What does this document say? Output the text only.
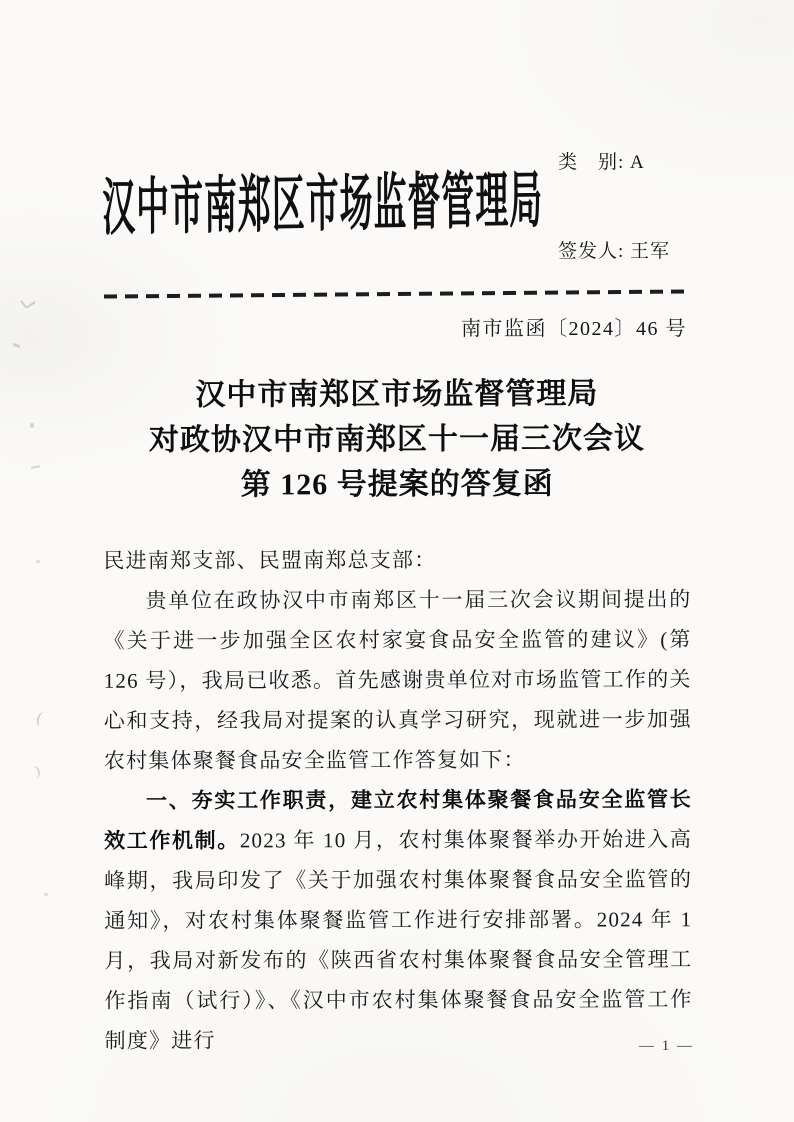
汉中市南郑区市场监督管理局
类　别: A
签发人: 王军
南市监函〔2024〕46 号
汉中市南郑区市场监督管理局
对政协汉中市南郑区十一届三次会议
第 126 号提案的答复函

民进南郑支部、民盟南郑总支部：

贵单位在政协汉中市南郑区十一届三次会议期间提出的《关于进一步加强全区农村家宴食品安全监管的建议》(第 126 号），我局已收悉。首先感谢贵单位对市场监管工作的关心和支持，经我局对提案的认真学习研究，现就进一步加强农村集体聚餐食品安全监管工作答复如下：

一、夯实工作职责，建立农村集体聚餐食品安全监管长效工作机制。2023 年 10 月，农村集体聚餐举办开始进入高峰期，我局印发了《关于加强农村集体聚餐食品安全监管的通知》，对农村集体聚餐监管工作进行安排部署。2024 年 1 月，我局对新发布的《陕西省农村集体聚餐食品安全管理工作指南（试行）》、《汉中市农村集体聚餐食品安全监管工作制度》进行	— 1 —
